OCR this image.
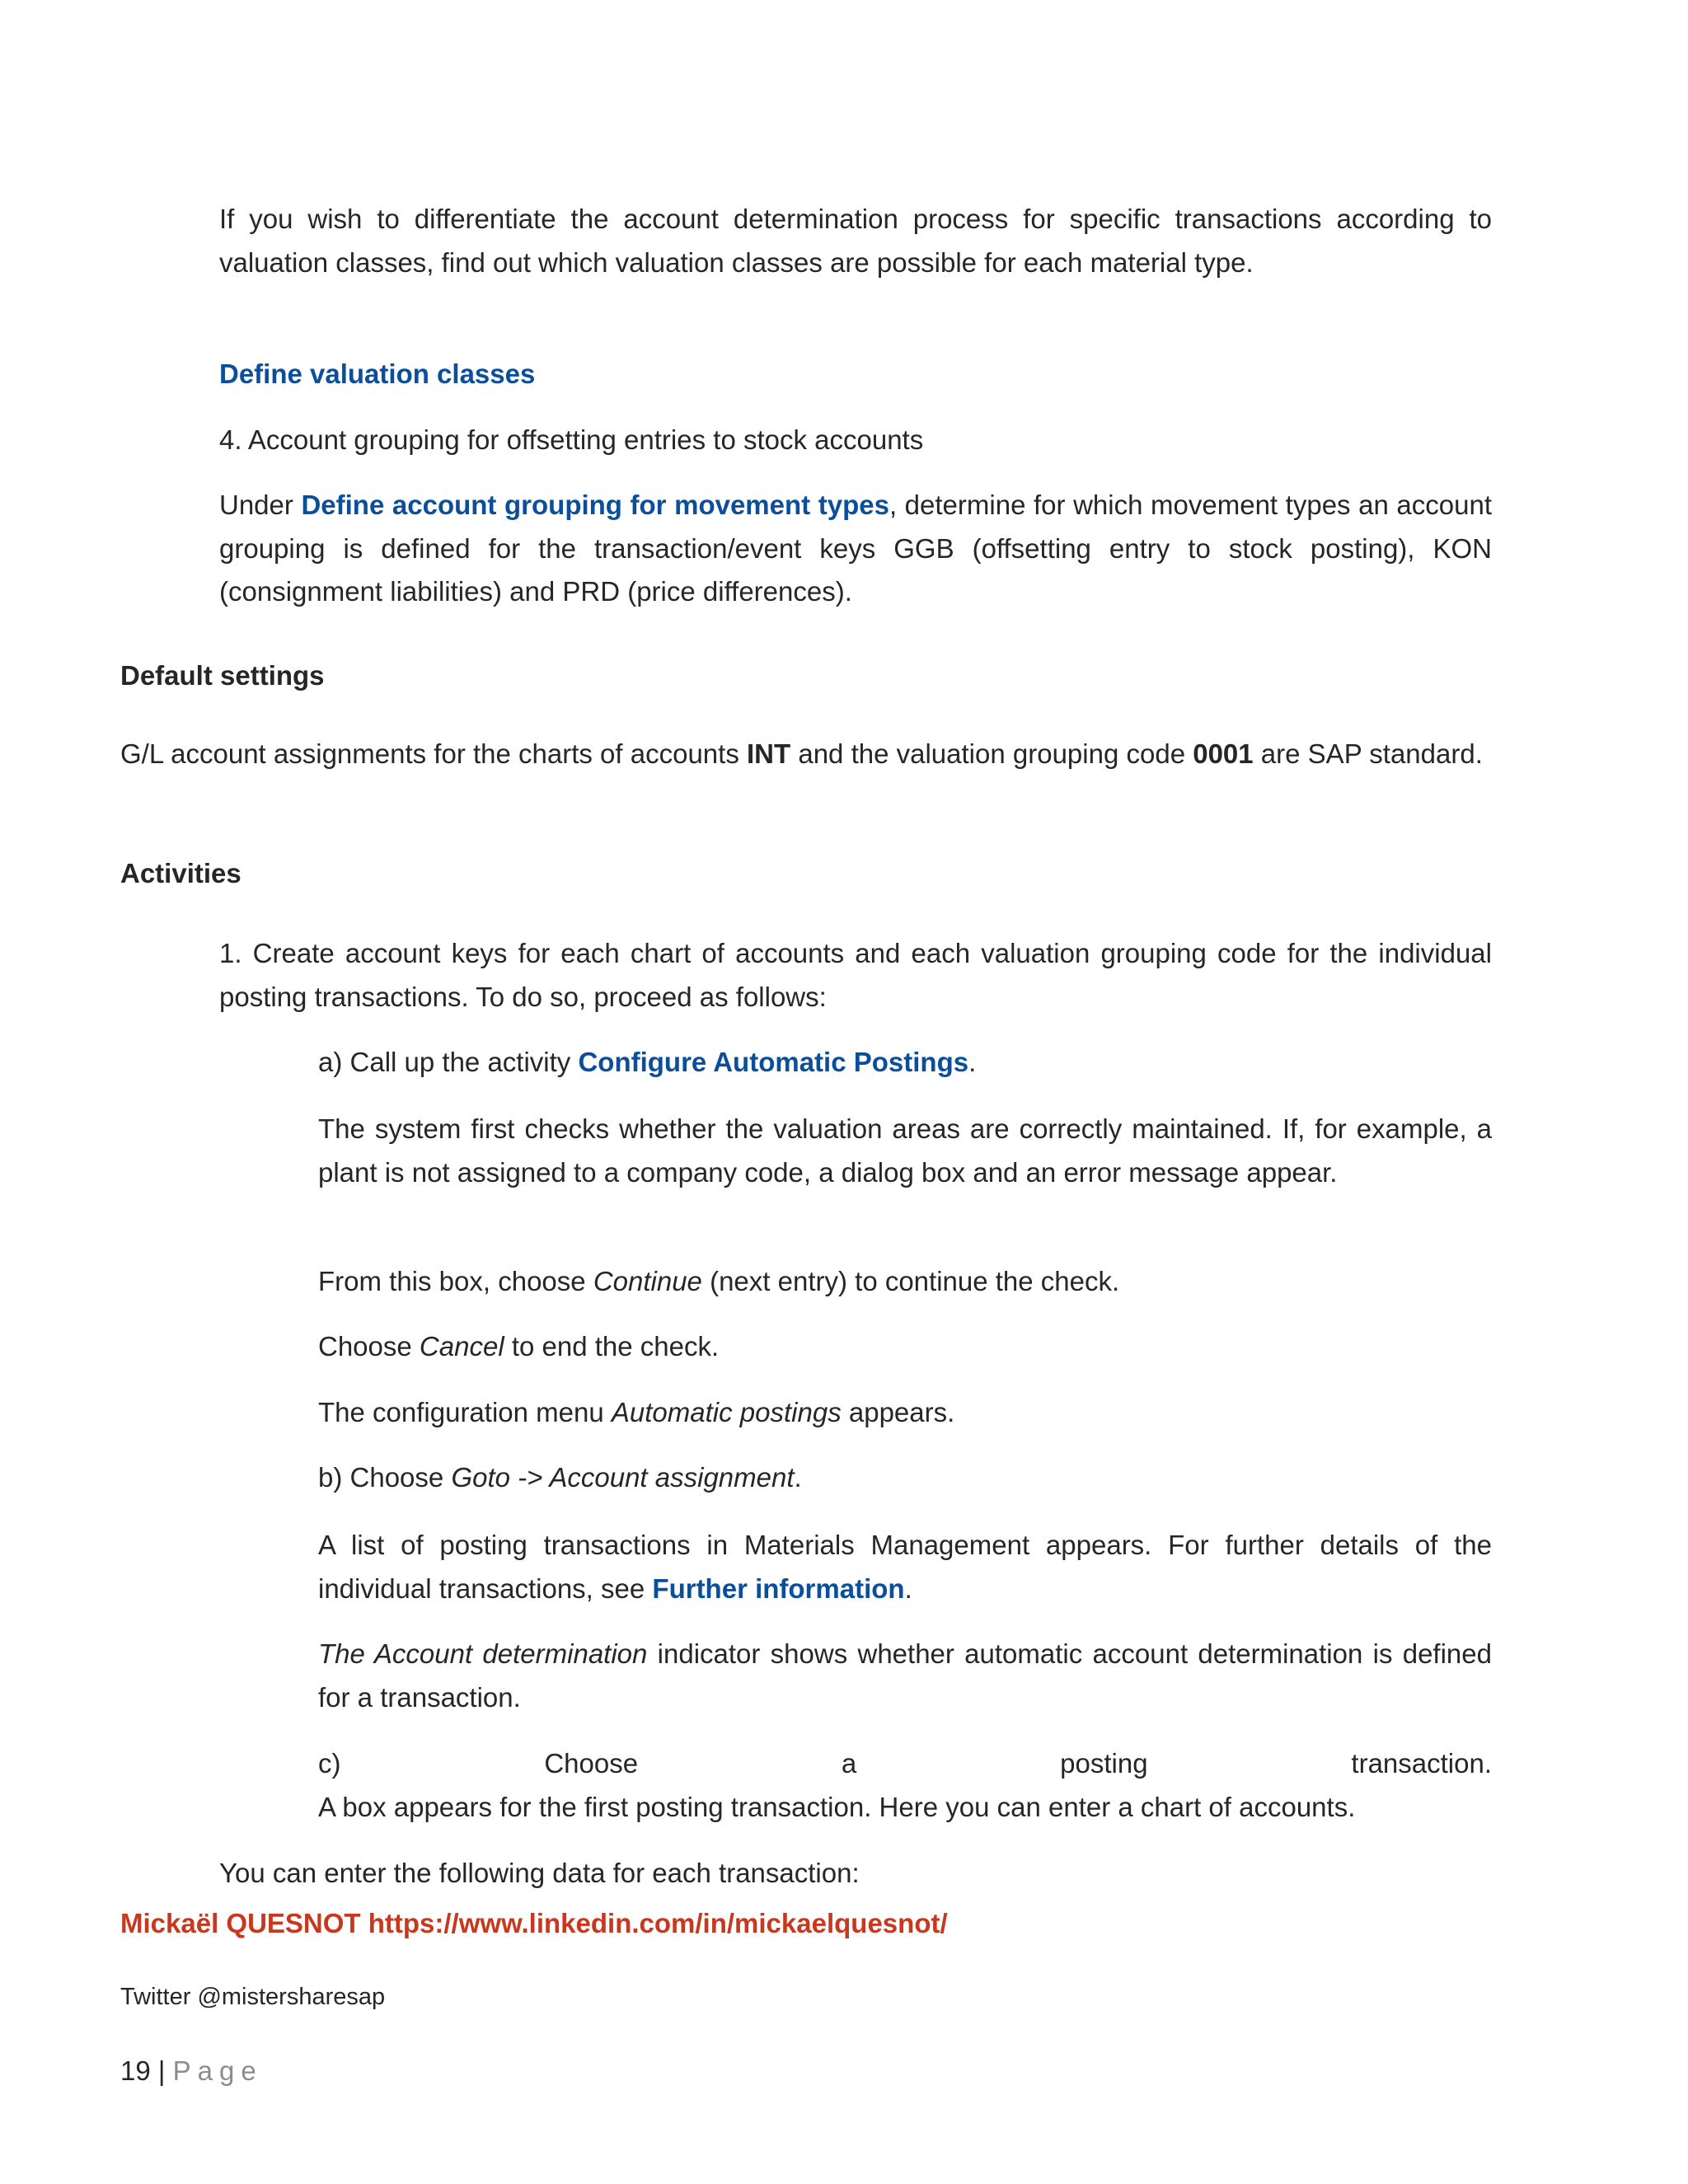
If you wish to differentiate the account determination process for specific transactions according to valuation classes, find out which valuation classes are possible for each material type.

Define valuation classes

4. Account grouping for offsetting entries to stock accounts

Under Define account grouping for movement types, determine for which movement types an account grouping is defined for the transaction/event keys GGB (offsetting entry to stock posting), KON (consignment liabilities) and PRD (price differences).

Default settings

G/L account assignments for the charts of accounts INT and the valuation grouping code 0001 are SAP standard.

Activities

1. Create account keys for each chart of accounts and each valuation grouping code for the individual posting transactions. To do so, proceed as follows:

a) Call up the activity Configure Automatic Postings.

The system first checks whether the valuation areas are correctly maintained. If, for example, a plant is not assigned to a company code, a dialog box and an error message appear.

From this box, choose Continue (next entry) to continue the check.

Choose Cancel to end the check.

The configuration menu Automatic postings appears.

b) Choose Goto -> Account assignment.

A list of posting transactions in Materials Management appears. For further details of the individual transactions, see Further information.

The Account determination indicator shows whether automatic account determination is defined for a transaction.

c) Choose a posting transaction.
A box appears for the first posting transaction. Here you can enter a chart of accounts.

You can enter the following data for each transaction:

Mickaël QUESNOT https://www.linkedin.com/in/mickaelquesnot/

Twitter @mistersharesap

19 | Page
